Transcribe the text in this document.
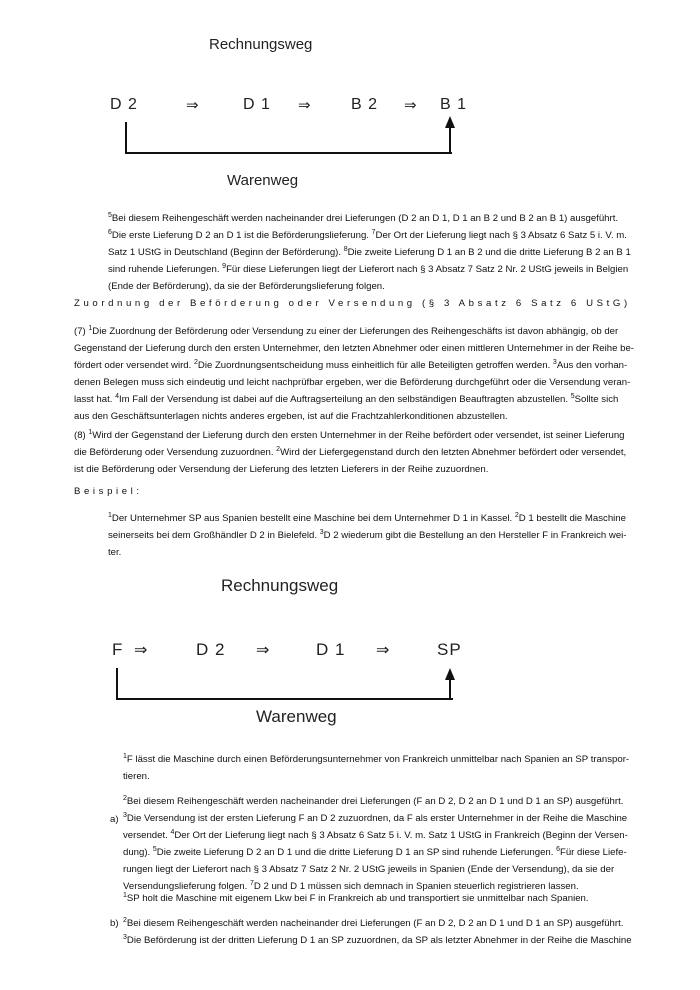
Rechnungsweg
D 2	⇒	D 1 ⇒	B 2 ⇒ B 1
Warenweg
$^5$Bei diesem Reihengeschäft werden nacheinander drei Lieferungen (D 2 an D 1, D 1 an B 2 und B 2 an B 1) ausgeführt.
$^6$Die erste Lieferung D 2 an D 1 ist die Beförderungslieferung. $^7$Der Ort der Lieferung liegt nach § 3 Absatz 6 Satz 5 i. V. m.
Satz 1 UStG in Deutschland (Beginn der Beförderung). $^8$Die zweite Lieferung D 1 an B 2 und die dritte Lieferung B 2 an B 1
sind ruhende Lieferungen. $^9$Für diese Lieferungen liegt der Lieferort nach § 3 Absatz 7 Satz 2 Nr. 2 UStG jeweils in Belgien
(Ende der Beförderung), da sie der Beförderungslieferung folgen.
Zuordnung der Beförderung oder Versendung (§ 3 Absatz 6 Satz 6 UStG)
(7) $^1$Die Zuordnung der Beförderung oder Versendung zu einer der Lieferungen des Reihengeschäfts ist davon abhängig, ob der
Gegenstand der Lieferung durch den ersten Unternehmer, den letzten Abnehmer oder einen mittleren Unternehmer in der Reihe be-
fördert oder versendet wird. $^2$Die Zuordnungsentscheidung muss einheitlich für alle Beteiligten getroffen werden. $^3$Aus den vorhan-
denen Belegen muss sich eindeutig und leicht nachprüfbar ergeben, wer die Beförderung durchgeführt oder die Versendung veran-
lasst hat. $^4$Im Fall der Versendung ist dabei auf die Auftragserteilung an den selbständigen Beauftragten abzustellen. $^5$Sollte sich
aus den Geschäftsunterlagen nichts anderes ergeben, ist auf die Frachtzahlerkonditionen abzustellen.
(8) $^1$Wird der Gegenstand der Lieferung durch den ersten Unternehmer in der Reihe befördert oder versendet, ist seiner Lieferung
die Beförderung oder Versendung zuzuordnen. $^2$Wird der Liefergegenstand durch den letzten Abnehmer befördert oder versendet,
ist die Beförderung oder Versendung der Lieferung des letzten Lieferers in der Reihe zuzuordnen.
Beispiel:
$^1$Der Unternehmer SP aus Spanien bestellt eine Maschine bei dem Unternehmer D 1 in Kassel. $^2$D 1 bestellt die Maschine
seinerseits bei dem Großhändler D 2 in Bielefeld. $^3$D 2 wiederum gibt die Bestellung an den Hersteller F in Frankreich wei-
ter.
Rechnungsweg
F ⇒	D 2 ⇒	D 1 ⇒	SP
Warenweg
$^1$F lässt die Maschine durch einen Beförderungsunternehmer von Frankreich unmittelbar nach Spanien an SP transpor-
tieren.
a)
$^2$Bei diesem Reihengeschäft werden nacheinander drei Lieferungen (F an D 2, D 2 an D 1 und D 1 an SP) ausgeführt.
$^3$Die Versendung ist der ersten Lieferung F an D 2 zuzuordnen, da F als erster Unternehmer in der Reihe die Maschine
versendet. $^4$Der Ort der Lieferung liegt nach § 3 Absatz 6 Satz 5 i. V. m. Satz 1 UStG in Frankreich (Beginn der Versen-
dung). $^5$Die zweite Lieferung D 2 an D 1 und die dritte Lieferung D 1 an SP sind ruhende Lieferungen. $^6$Für diese Liefe-
rungen liegt der Lieferort nach § 3 Absatz 7 Satz 2 Nr. 2 UStG jeweils in Spanien (Ende der Versendung), da sie der
Versendungslieferung folgen. $^7$D 2 und D 1 müssen sich demnach in Spanien steuerlich registrieren lassen.
$^1$SP holt die Maschine mit eigenem Lkw bei F in Frankreich ab und transportiert sie unmittelbar nach Spanien.
b) $^2$Bei diesem Reihengeschäft werden nacheinander drei Lieferungen (F an D 2, D 2 an D 1 und D 1 an SP) ausgeführt.
$^3$Die Beförderung ist der dritten Lieferung D 1 an SP zuzuordnen, da SP als letzter Abnehmer in der Reihe die Maschine
